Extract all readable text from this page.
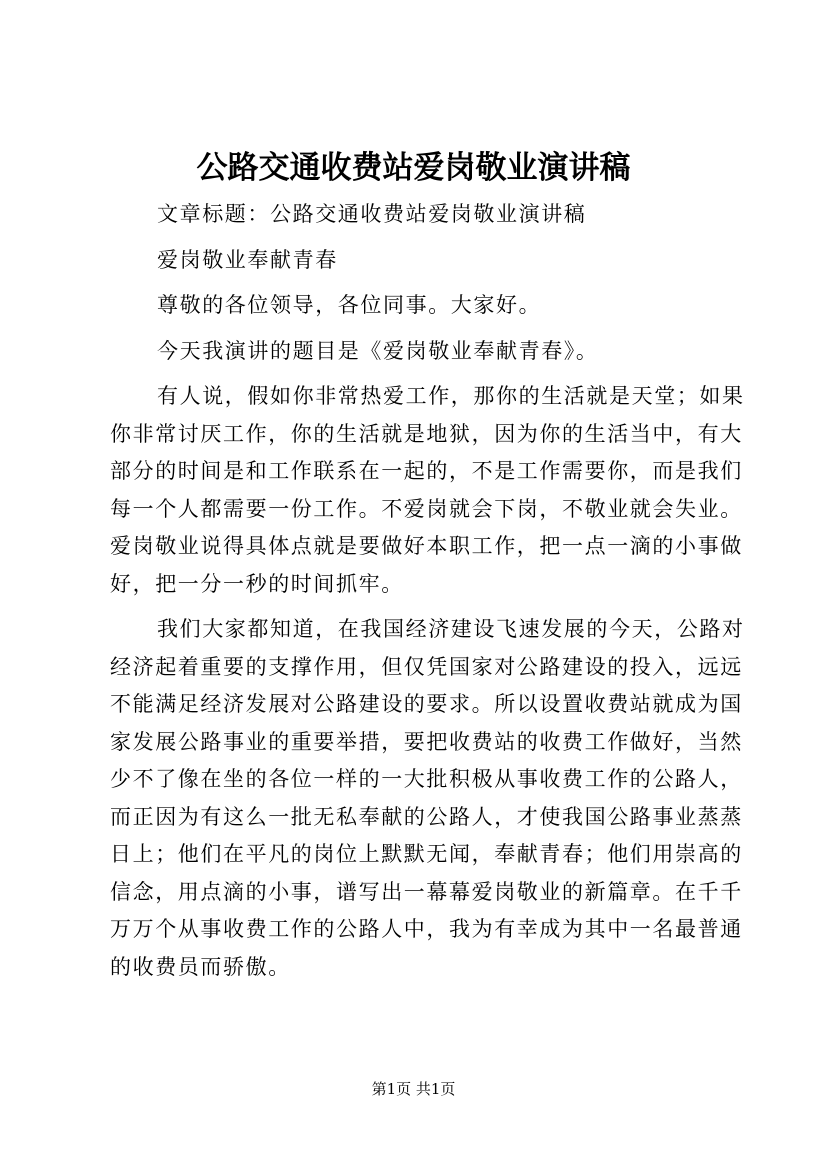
公路交通收费站爱岗敬业演讲稿
文章标题：公路交通收费站爱岗敬业演讲稿
爱岗敬业奉献青春
尊敬的各位领导，各位同事。大家好。
今天我演讲的题目是《爱岗敬业奉献青春》。
有人说，假如你非常热爱工作，那你的生活就是天堂；如果
你非常讨厌工作，你的生活就是地狱，因为你的生活当中，有大
部分的时间是和工作联系在一起的，不是工作需要你，而是我们
每一个人都需要一份工作。不爱岗就会下岗，不敬业就会失业。
爱岗敬业说得具体点就是要做好本职工作，把一点一滴的小事做
好，把一分一秒的时间抓牢。
我们大家都知道，在我国经济建设飞速发展的今天，公路对
经济起着重要的支撑作用，但仅凭国家对公路建设的投入，远远
不能满足经济发展对公路建设的要求。所以设置收费站就成为国
家发展公路事业的重要举措，要把收费站的收费工作做好，当然
少不了像在坐的各位一样的一大批积极从事收费工作的公路人，
而正因为有这么一批无私奉献的公路人，才使我国公路事业蒸蒸
日上；他们在平凡的岗位上默默无闻，奉献青春；他们用崇高的
信念，用点滴的小事，谱写出一幕幕爱岗敬业的新篇章。在千千
万万个从事收费工作的公路人中，我为有幸成为其中一名最普通
的收费员而骄傲。
第1页 共1页
